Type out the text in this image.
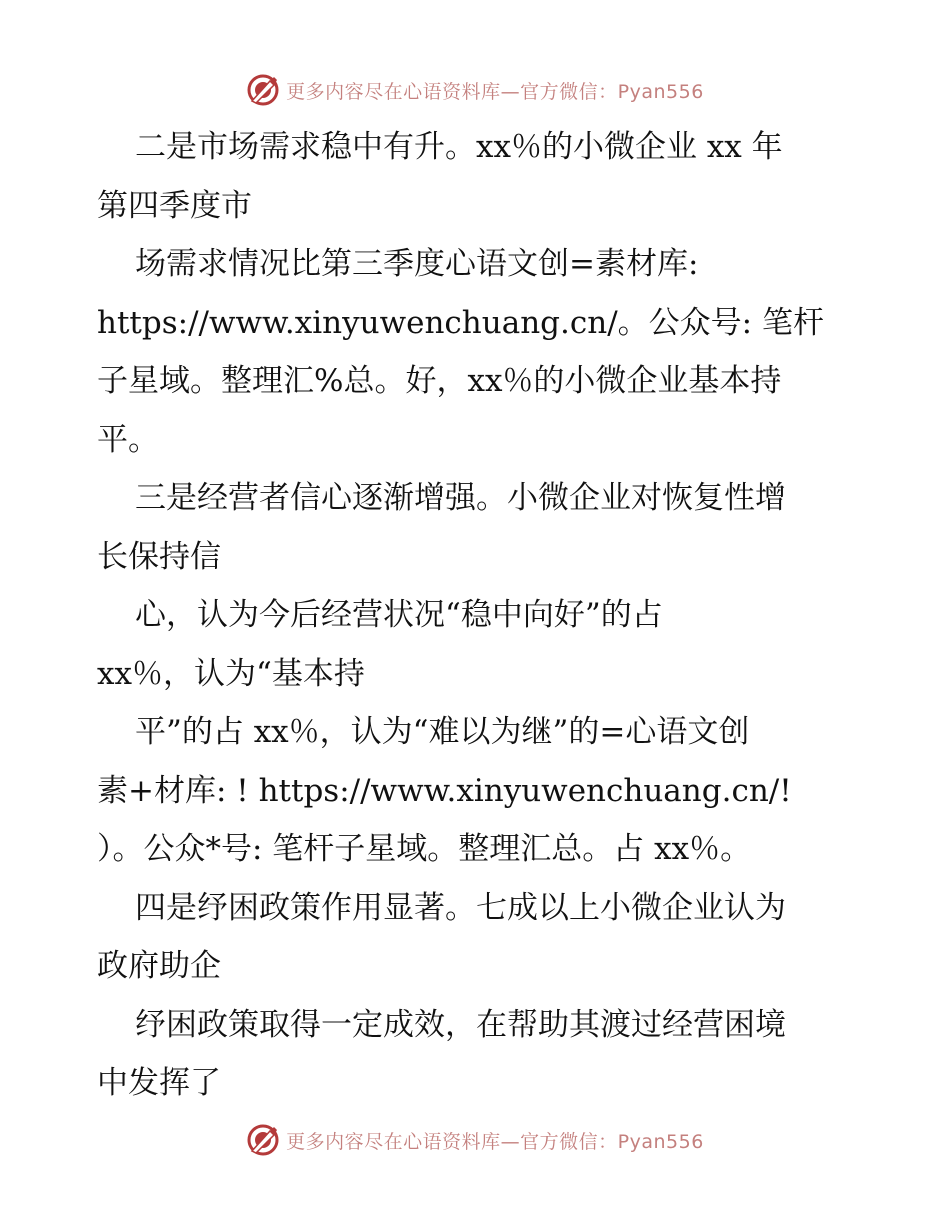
更多内容尽在心语资料库—官方微信：Pyan556
二是市场需求稳中有升。xx％的小微企业 xx 年
第四季度市
场需求情况比第三季度心语文创=素材库:
https://www.xinyuwenchuang.cn/。公众号: 笔杆
子星域。整理汇%总。好，xx％的小微企业基本持
平。
三是经营者信心逐渐增强。小微企业对恢复性增
长保持信
心，认为今后经营状况“稳中向好”的占
xx％，认为“基本持
平”的占 xx％，认为“难以为继”的=心语文创
素+材库: ! https://www.xinyuwenchuang.cn/!
）。公众*号: 笔杆子星域。整理汇总。占 xx％。
四是纾困政策作用显著。七成以上小微企业认为
政府助企
纾困政策取得一定成效，在帮助其渡过经营困境
中发挥了
更多内容尽在心语资料库—官方微信：Pyan556
